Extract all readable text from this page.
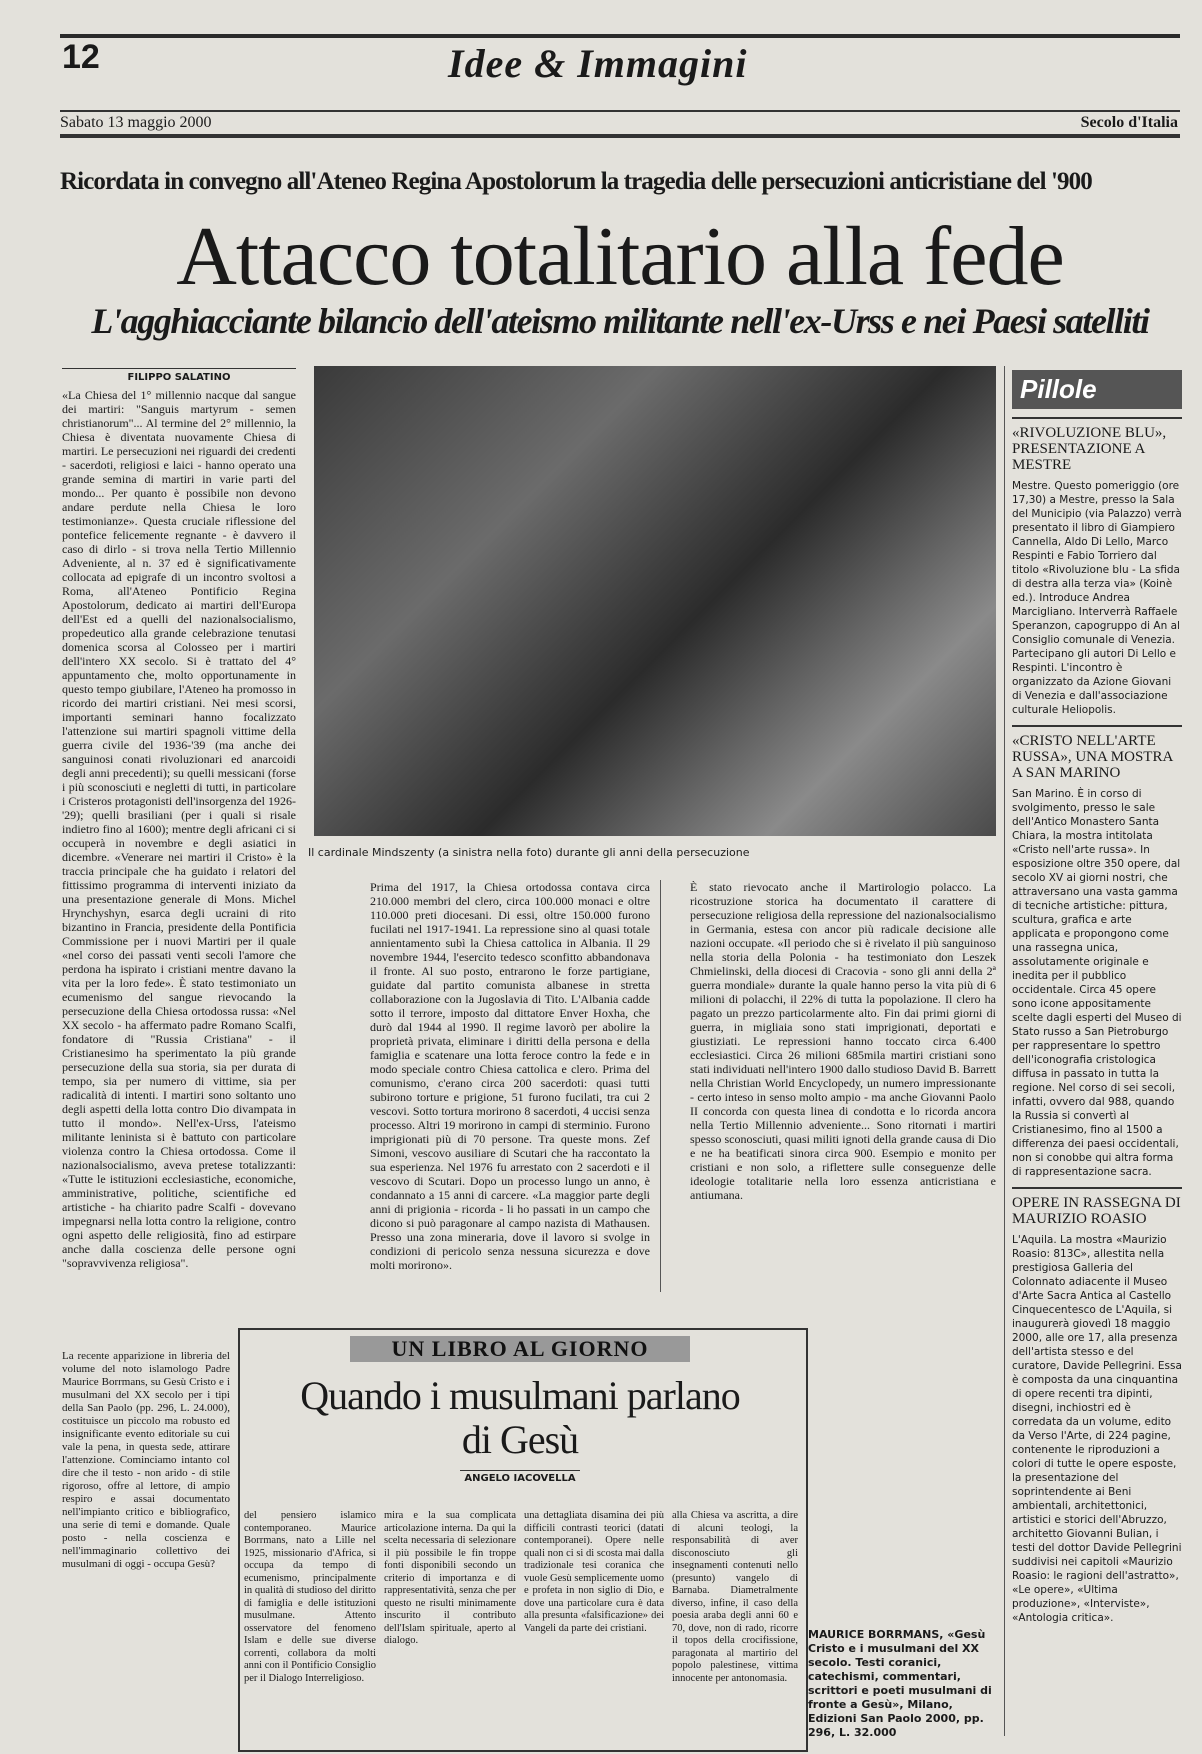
12	Idee & Immagini
Sabato 13 maggio 2000	Secolo d'Italia
Ricordata in convegno all'Ateneo Regina Apostolorum la tragedia delle persecuzioni anticristiane del '900
Attacco totalitario alla fede
L'agghiacciante bilancio dell'ateismo militante nell'ex-Urss e nei Paesi satelliti
FILIPPO SALATINO
«La Chiesa del 1° millennio nacque dal sangue dei martiri: "Sanguis martyrum - semen christianorum"... Al termine del 2° millennio, la Chiesa è diventata nuovamente Chiesa di martiri. Le persecuzioni nei riguardi dei credenti - sacerdoti, religiosi e laici - hanno operato una grande semina di martiri in varie parti del mondo... Per quanto è possibile non devono andare perdute nella Chiesa le loro testimonianze». Questa cruciale riflessione del pontefice felicemente regnante - è davvero il caso di dirlo - si trova nella Tertio Millennio Adveniente, al n. 37 ed è significativamente collocata ad epigrafe di un incontro svoltosi a Roma, all'Ateneo Pontificio Regina Apostolorum, dedicato ai martiri dell'Europa dell'Est ed a quelli del nazionalsocialismo, propedeutico alla grande celebrazione tenutasi domenica scorsa al Colosseo per i martiri dell'intero XX secolo. Si è trattato del 4° appuntamento che, molto opportunamente in questo tempo giubilare, l'Ateneo ha promosso in ricordo dei martiri cristiani. Nei mesi scorsi, importanti seminari hanno focalizzato l'attenzione sui martiri spagnoli vittime della guerra civile del 1936-'39 (ma anche dei sanguinosi conati rivoluzionari ed anarcoidi degli anni precedenti); su quelli messicani (forse i più sconosciuti e negletti di tutti, in particolare i Cristeros protagonisti dell'insorgenza del 1926-'29); quelli brasiliani (per i quali si risale indietro fino al 1600); mentre degli africani ci si occuperà in novembre e degli asiatici in dicembre. «Venerare nei martiri il Cristo» è la traccia principale che ha guidato i relatori del fittissimo programma di interventi iniziato da una presentazione generale di Mons. Michel Hrynchyshyn, esarca degli ucraini di rito bizantino in Francia, presidente della Pontificia Commissione per i nuovi Martiri per il quale «nel corso dei passati venti secoli l'amore che perdona ha ispirato i cristiani mentre davano la vita per la loro fede». È stato testimoniato un ecumenismo del sangue rievocando la persecuzione della Chiesa ortodossa russa: «Nel XX secolo - ha affermato padre Romano Scalfi, fondatore di "Russia Cristiana" - il Cristianesimo ha sperimentato la più grande persecuzione della sua storia, sia per durata di tempo, sia per numero di vittime, sia per radicalità di intenti. I martiri sono soltanto uno degli aspetti della lotta contro Dio divampata in tutto il mondo». Nell'ex-Urss, l'ateismo militante leninista si è battuto con particolare violenza contro la Chiesa ortodossa. Come il nazionalsocialismo, aveva pretese totalizzanti: «Tutte le istituzioni ecclesiastiche, economiche, amministrative, politiche, scientifiche ed artistiche - ha chiarito padre Scalfi - dovevano impegnarsi nella lotta contro la religione, contro ogni aspetto delle religiosità, fino ad estirpare anche dalla coscienza delle persone ogni "sopravvivenza religiosa".
Il cardinale Mindszenty (a sinistra nella foto) durante gli anni della persecuzione
Prima del 1917, la Chiesa ortodossa contava circa 210.000 membri del clero, circa 100.000 monaci e oltre 110.000 preti diocesani. Di essi, oltre 150.000 furono fucilati nel 1917-1941. La repressione sino al quasi totale annientamento subì la Chiesa cattolica in Albania. Il 29 novembre 1944, l'esercito tedesco sconfitto abbandonava il fronte. Al suo posto, entrarono le forze partigiane, guidate dal partito comunista albanese in stretta collaborazione con la Jugoslavia di Tito. L'Albania cadde sotto il terrore, imposto dal dittatore Enver Hoxha, che durò dal 1944 al 1990. Il regime lavorò per abolire la proprietà privata, eliminare i diritti della persona e della famiglia e scatenare una lotta feroce contro la fede e in modo speciale contro Chiesa cattolica e clero. Prima del comunismo, c'erano circa 200 sacerdoti: quasi tutti subirono torture e prigione, 51 furono fucilati, tra cui 2 vescovi. Sotto tortura morirono 8 sacerdoti, 4 uccisi senza processo. Altri 19 morirono in campi di sterminio. Furono imprigionati più di 70 persone. Tra queste mons. Zef Simoni, vescovo ausiliare di Scutari che ha raccontato la sua esperienza. Nel 1976 fu arrestato con 2 sacerdoti e il vescovo di Scutari. Dopo un processo lungo un anno, è condannato a 15 anni di carcere. «La maggior parte degli anni di prigionia - ricorda - li ho passati in un campo che dicono si può paragonare al campo nazista di Mathausen. Presso una zona mineraria, dove il lavoro si svolge in condizioni di pericolo senza nessuna sicurezza e dove molti morirono».
È stato rievocato anche il Martirologio polacco. La ricostruzione storica ha documentato il carattere di persecuzione religiosa della repressione del nazionalsocialismo in Germania, estesa con ancor più radicale decisione alle nazioni occupate. «Il periodo che si è rivelato il più sanguinoso nella storia della Polonia - ha testimoniato don Leszek Chmielinski, della diocesi di Cracovia - sono gli anni della 2ª guerra mondiale» durante la quale hanno perso la vita più di 6 milioni di polacchi, il 22% di tutta la popolazione. Il clero ha pagato un prezzo particolarmente alto. Fin dai primi giorni di guerra, in migliaia sono stati imprigionati, deportati e giustiziati. Le repressioni hanno toccato circa 6.400 ecclesiastici. Circa 26 milioni 685mila martiri cristiani sono stati individuati nell'intero 1900 dallo studioso David B. Barrett nella Christian World Encyclopedy, un numero impressionante - certo inteso in senso molto ampio - ma anche Giovanni Paolo II concorda con questa linea di condotta e lo ricorda ancora nella Tertio Millennio adveniente... Sono ritornati i martiri spesso sconosciuti, quasi militi ignoti della grande causa di Dio e ne ha beatificati sinora circa 900. Esempio e monito per cristiani e non solo, a riflettere sulle conseguenze delle ideologie totalitarie nella loro essenza anticristiana e antiumana.
Pillole
«RIVOLUZIONE BLU», PRESENTAZIONE A MESTRE
Mestre. Questo pomeriggio (ore 17,30) a Mestre, presso la Sala del Municipio (via Palazzo) verrà presentato il libro di Giampiero Cannella, Aldo Di Lello, Marco Respinti e Fabio Torriero dal titolo «Rivoluzione blu - La sfida di destra alla terza via» (Koinè ed.). Introduce Andrea Marcigliano. Interverrà Raffaele Speranzon, capogruppo di An al Consiglio comunale di Venezia. Partecipano gli autori Di Lello e Respinti. L'incontro è organizzato da Azione Giovani di Venezia e dall'associazione culturale Heliopolis.
«CRISTO NELL'ARTE RUSSA», UNA MOSTRA A SAN MARINO
San Marino. È in corso di svolgimento, presso le sale dell'Antico Monastero Santa Chiara, la mostra intitolata «Cristo nell'arte russa». In esposizione oltre 350 opere, dal secolo XV ai giorni nostri, che attraversano una vasta gamma di tecniche artistiche: pittura, scultura, grafica e arte applicata e propongono come una rassegna unica, assolutamente originale e inedita per il pubblico occidentale. Circa 45 opere sono icone appositamente scelte dagli esperti del Museo di Stato russo a San Pietroburgo per rappresentare lo spettro dell'iconografia cristologica diffusa in passato in tutta la regione. Nel corso di sei secoli, infatti, ovvero dal 988, quando la Russia si convertì al Cristianesimo, fino al 1500 a differenza dei paesi occidentali, non si conobbe qui altra forma di rappresentazione sacra.
OPERE IN RASSEGNA DI MAURIZIO ROASIO
L'Aquila. La mostra «Maurizio Roasio: 813C», allestita nella prestigiosa Galleria del Colonnato adiacente il Museo d'Arte Sacra Antica al Castello Cinquecentesco de L'Aquila, si inaugurerà giovedì 18 maggio 2000, alle ore 17, alla presenza dell'artista stesso e del curatore, Davide Pellegrini. Essa è composta da una cinquantina di opere recenti tra dipinti, disegni, inchiostri ed è corredata da un volume, edito da Verso l'Arte, di 224 pagine, contenente le riproduzioni a colori di tutte le opere esposte, la presentazione del soprintendente ai Beni ambientali, architettonici, artistici e storici dell'Abruzzo, architetto Giovanni Bulian, i testi del dottor Davide Pellegrini suddivisi nei capitoli «Maurizio Roasio: le ragioni dell'astratto», «Le opere», «Ultima produzione», «Interviste», «Antologia critica».
La recente apparizione in libreria del volume del noto islamologo Padre Maurice Borrmans, su Gesù Cristo e i musulmani del XX secolo per i tipi della San Paolo (pp. 296, L. 24.000), costituisce un piccolo ma robusto ed insignificante evento editoriale su cui vale la pena, in questa sede, attirare l'attenzione. Cominciamo intanto col dire che il testo - non arido - di stile rigoroso, offre al lettore, di ampio respiro e assai documentato nell'impianto critico e bibliografico, una serie di temi e domande. Quale posto - nella coscienza e nell'immaginario collettivo dei musulmani di oggi - occupa Gesù?
UN LIBRO AL GIORNO
Quando i musulmani parlano di Gesù
ANGELO IACOVELLA
del pensiero islamico contemporaneo. Maurice Borrmans, nato a Lille nel 1925, missionario d'Africa, si occupa da tempo di ecumenismo, principalmente in qualità di studioso del diritto di famiglia e delle istituzioni musulmane. Attento osservatore del fenomeno Islam e delle sue diverse correnti, collabora da molti anni con il Pontificio Consiglio per il Dialogo Interreligioso.
mira e la sua complicata articolazione interna. Da qui la scelta necessaria di selezionare il più possibile le fin troppe fonti disponibili secondo un criterio di importanza e di rappresentatività, senza che per questo ne risulti minimamente inscurito il contributo dell'Islam spirituale, aperto al dialogo.
una dettagliata disamina dei più difficili contrasti teorici (datati contemporanei). Opere nelle quali non ci si di scosta mai dalla tradizionale tesi coranica che vuole Gesù semplicemente uomo e profeta in non siglio di Dio, e dove una particolare cura è data alla presunta «falsificazione» dei Vangeli da parte dei cristiani.
alla Chiesa va ascritta, a dire di alcuni teologi, la responsabilità di aver disconosciuto gli insegnamenti contenuti nello (presunto) vangelo di Barnaba. Diametralmente diverso, infine, il caso della poesia araba degli anni 60 e 70, dove, non di rado, ricorre il topos della crocifissione, paragonata al martirio del popolo palestinese, vittima innocente per antonomasia.
MAURICE BORRMANS, «Gesù Cristo e i musulmani del XX secolo. Testi coranici, catechismi, commentari, scrittori e poeti musulmani di fronte a Gesù», Milano, Edizioni San Paolo 2000, pp. 296, L. 32.000
